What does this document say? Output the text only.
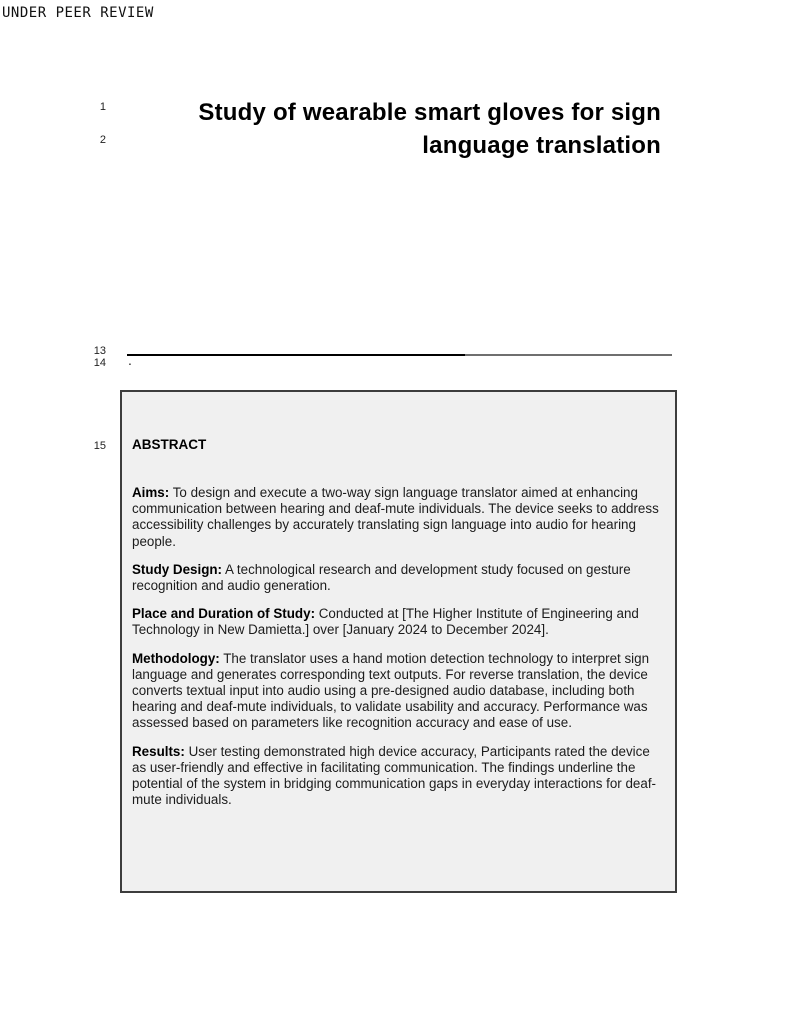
UNDER PEER REVIEW
1
2
13
14
15
Study of wearable smart gloves for sign
language translation
.
ABSTRACT

Aims: To design and execute a two-way sign language translator aimed at enhancing communication between hearing and deaf-mute individuals. The device seeks to address accessibility challenges by accurately translating sign language into audio for hearing people.

Study Design: A technological research and development study focused on gesture recognition and audio generation.

Place and Duration of Study: Conducted at [The Higher Institute of Engineering and Technology in New Damietta.] over [January 2024 to December 2024].

Methodology: The translator uses a hand motion detection technology to interpret sign language and generates corresponding text outputs. For reverse translation, the device converts textual input into audio using a pre-designed audio database, including both hearing and deaf-mute individuals, to validate usability and accuracy. Performance was assessed based on parameters like recognition accuracy and ease of use.

Results: User testing demonstrated high device accuracy, Participants rated the device as user-friendly and effective in facilitating communication. The findings underline the potential of the system in bridging communication gaps in everyday interactions for deaf-mute individuals.
